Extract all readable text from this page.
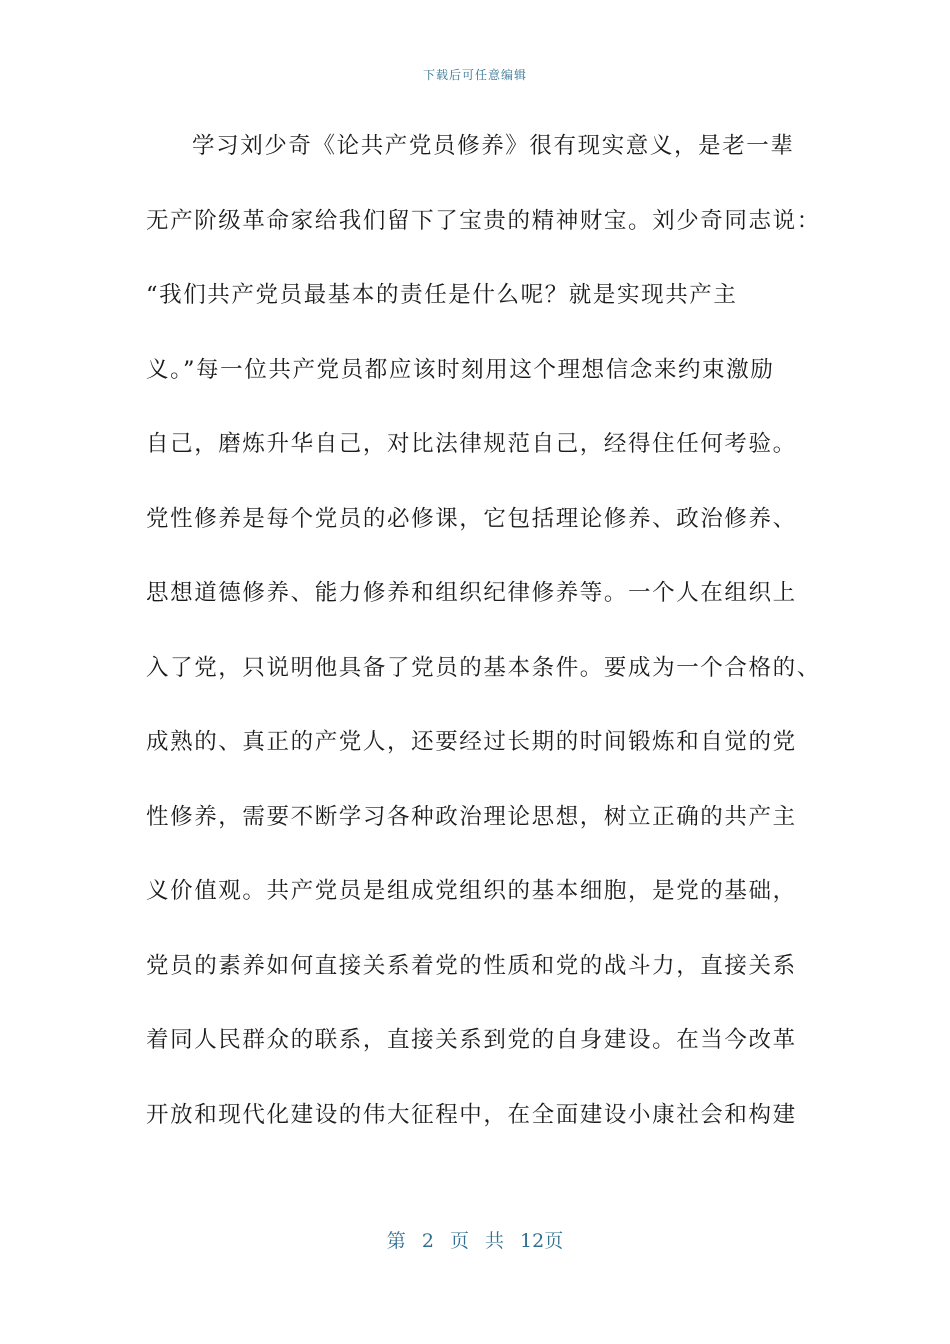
下载后可任意编辑
学习刘少奇《论共产党员修养》很有现实意义，是老一辈
无产阶级革命家给我们留下了宝贵的精神财宝。刘少奇同志说：
“我们共产党员最基本的责任是什么呢？就是实现共产主
义。”每一位共产党员都应该时刻用这个理想信念来约束激励
自己，磨炼升华自己，对比法律规范自己，经得住任何考验。
党性修养是每个党员的必修课，它包括理论修养、政治修养、
思想道德修养、能力修养和组织纪律修养等。一个人在组织上
入了党，只说明他具备了党员的基本条件。要成为一个合格的、
成熟的、真正的产党人，还要经过长期的时间锻炼和自觉的党
性修养，需要不断学习各种政治理论思想，树立正确的共产主
义价值观。共产党员是组成党组织的基本细胞，是党的基础，
党员的素养如何直接关系着党的性质和党的战斗力，直接关系
着同人民群众的联系，直接关系到党的自身建设。在当今改革
开放和现代化建设的伟大征程中，在全面建设小康社会和构建
第 2 页 共 12页
